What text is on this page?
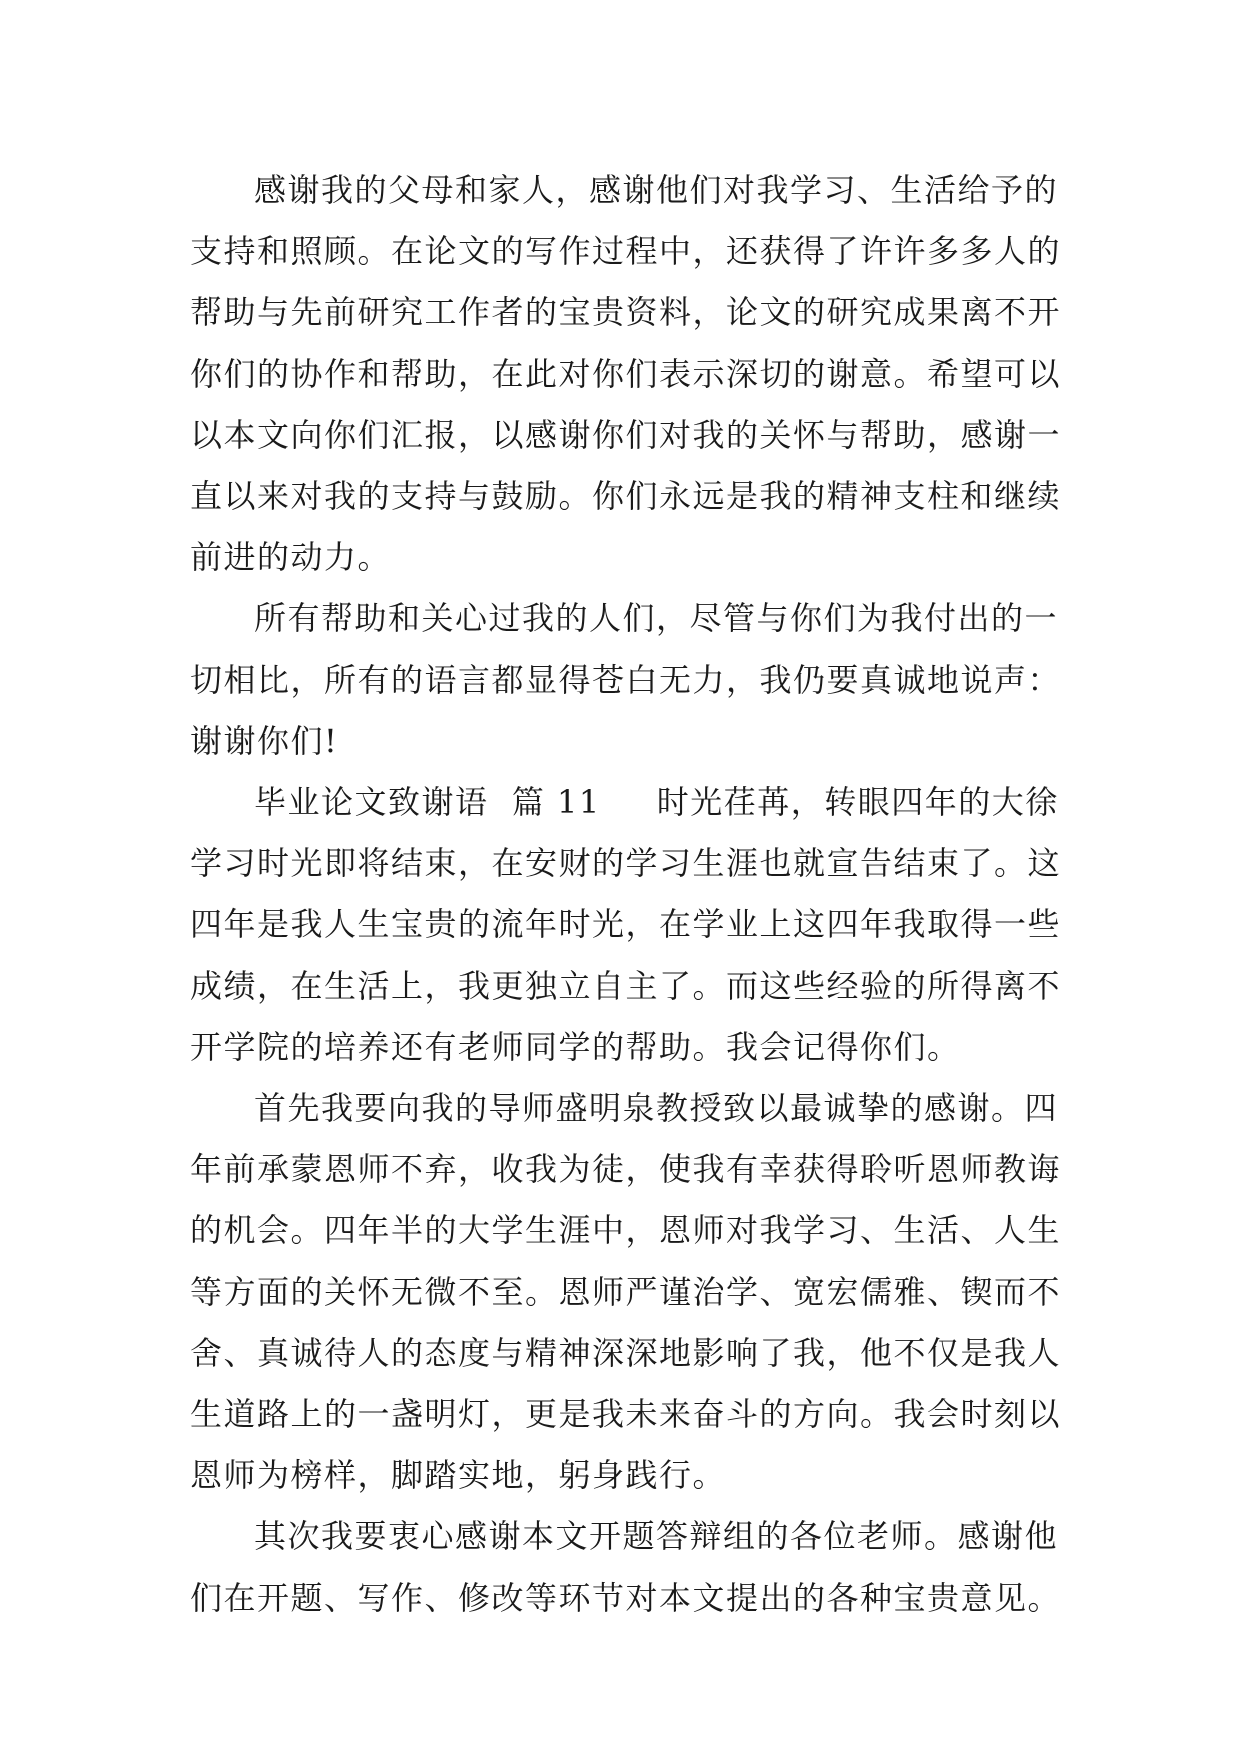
感谢我的父母和家人，感谢他们对我学习、生活给予的
支持和照顾。在论文的写作过程中，还获得了许许多多人的
帮助与先前研究工作者的宝贵资料，论文的研究成果离不开
你们的协作和帮助，在此对你们表示深切的谢意。希望可以
以本文向你们汇报，以感谢你们对我的关怀与帮助，感谢一
直以来对我的支持与鼓励。你们永远是我的精神支柱和继续
前进的动力。
所有帮助和关心过我的人们，尽管与你们为我付出的一
切相比，所有的语言都显得苍白无力，我仍要真诚地说声：
谢谢你们!
毕业论文致谢语  篇 11 时光荏苒，转眼四年的大徐
学习时光即将结束，在安财的学习生涯也就宣告结束了。这
四年是我人生宝贵的流年时光，在学业上这四年我取得一些
成绩，在生活上，我更独立自主了。而这些经验的所得离不
开学院的培养还有老师同学的帮助。我会记得你们。
首先我要向我的导师盛明泉教授致以最诚挚的感谢。四
年前承蒙恩师不弃，收我为徒，使我有幸获得聆听恩师教诲
的机会。四年半的大学生涯中，恩师对我学习、生活、人生
等方面的关怀无微不至。恩师严谨治学、宽宏儒雅、锲而不
舍、真诚待人的态度与精神深深地影响了我，他不仅是我人
生道路上的一盏明灯，更是我未来奋斗的方向。我会时刻以
恩师为榜样，脚踏实地，躬身践行。
其次我要衷心感谢本文开题答辩组的各位老师。感谢他
们在开题、写作、修改等环节对本文提出的各种宝贵意见。
